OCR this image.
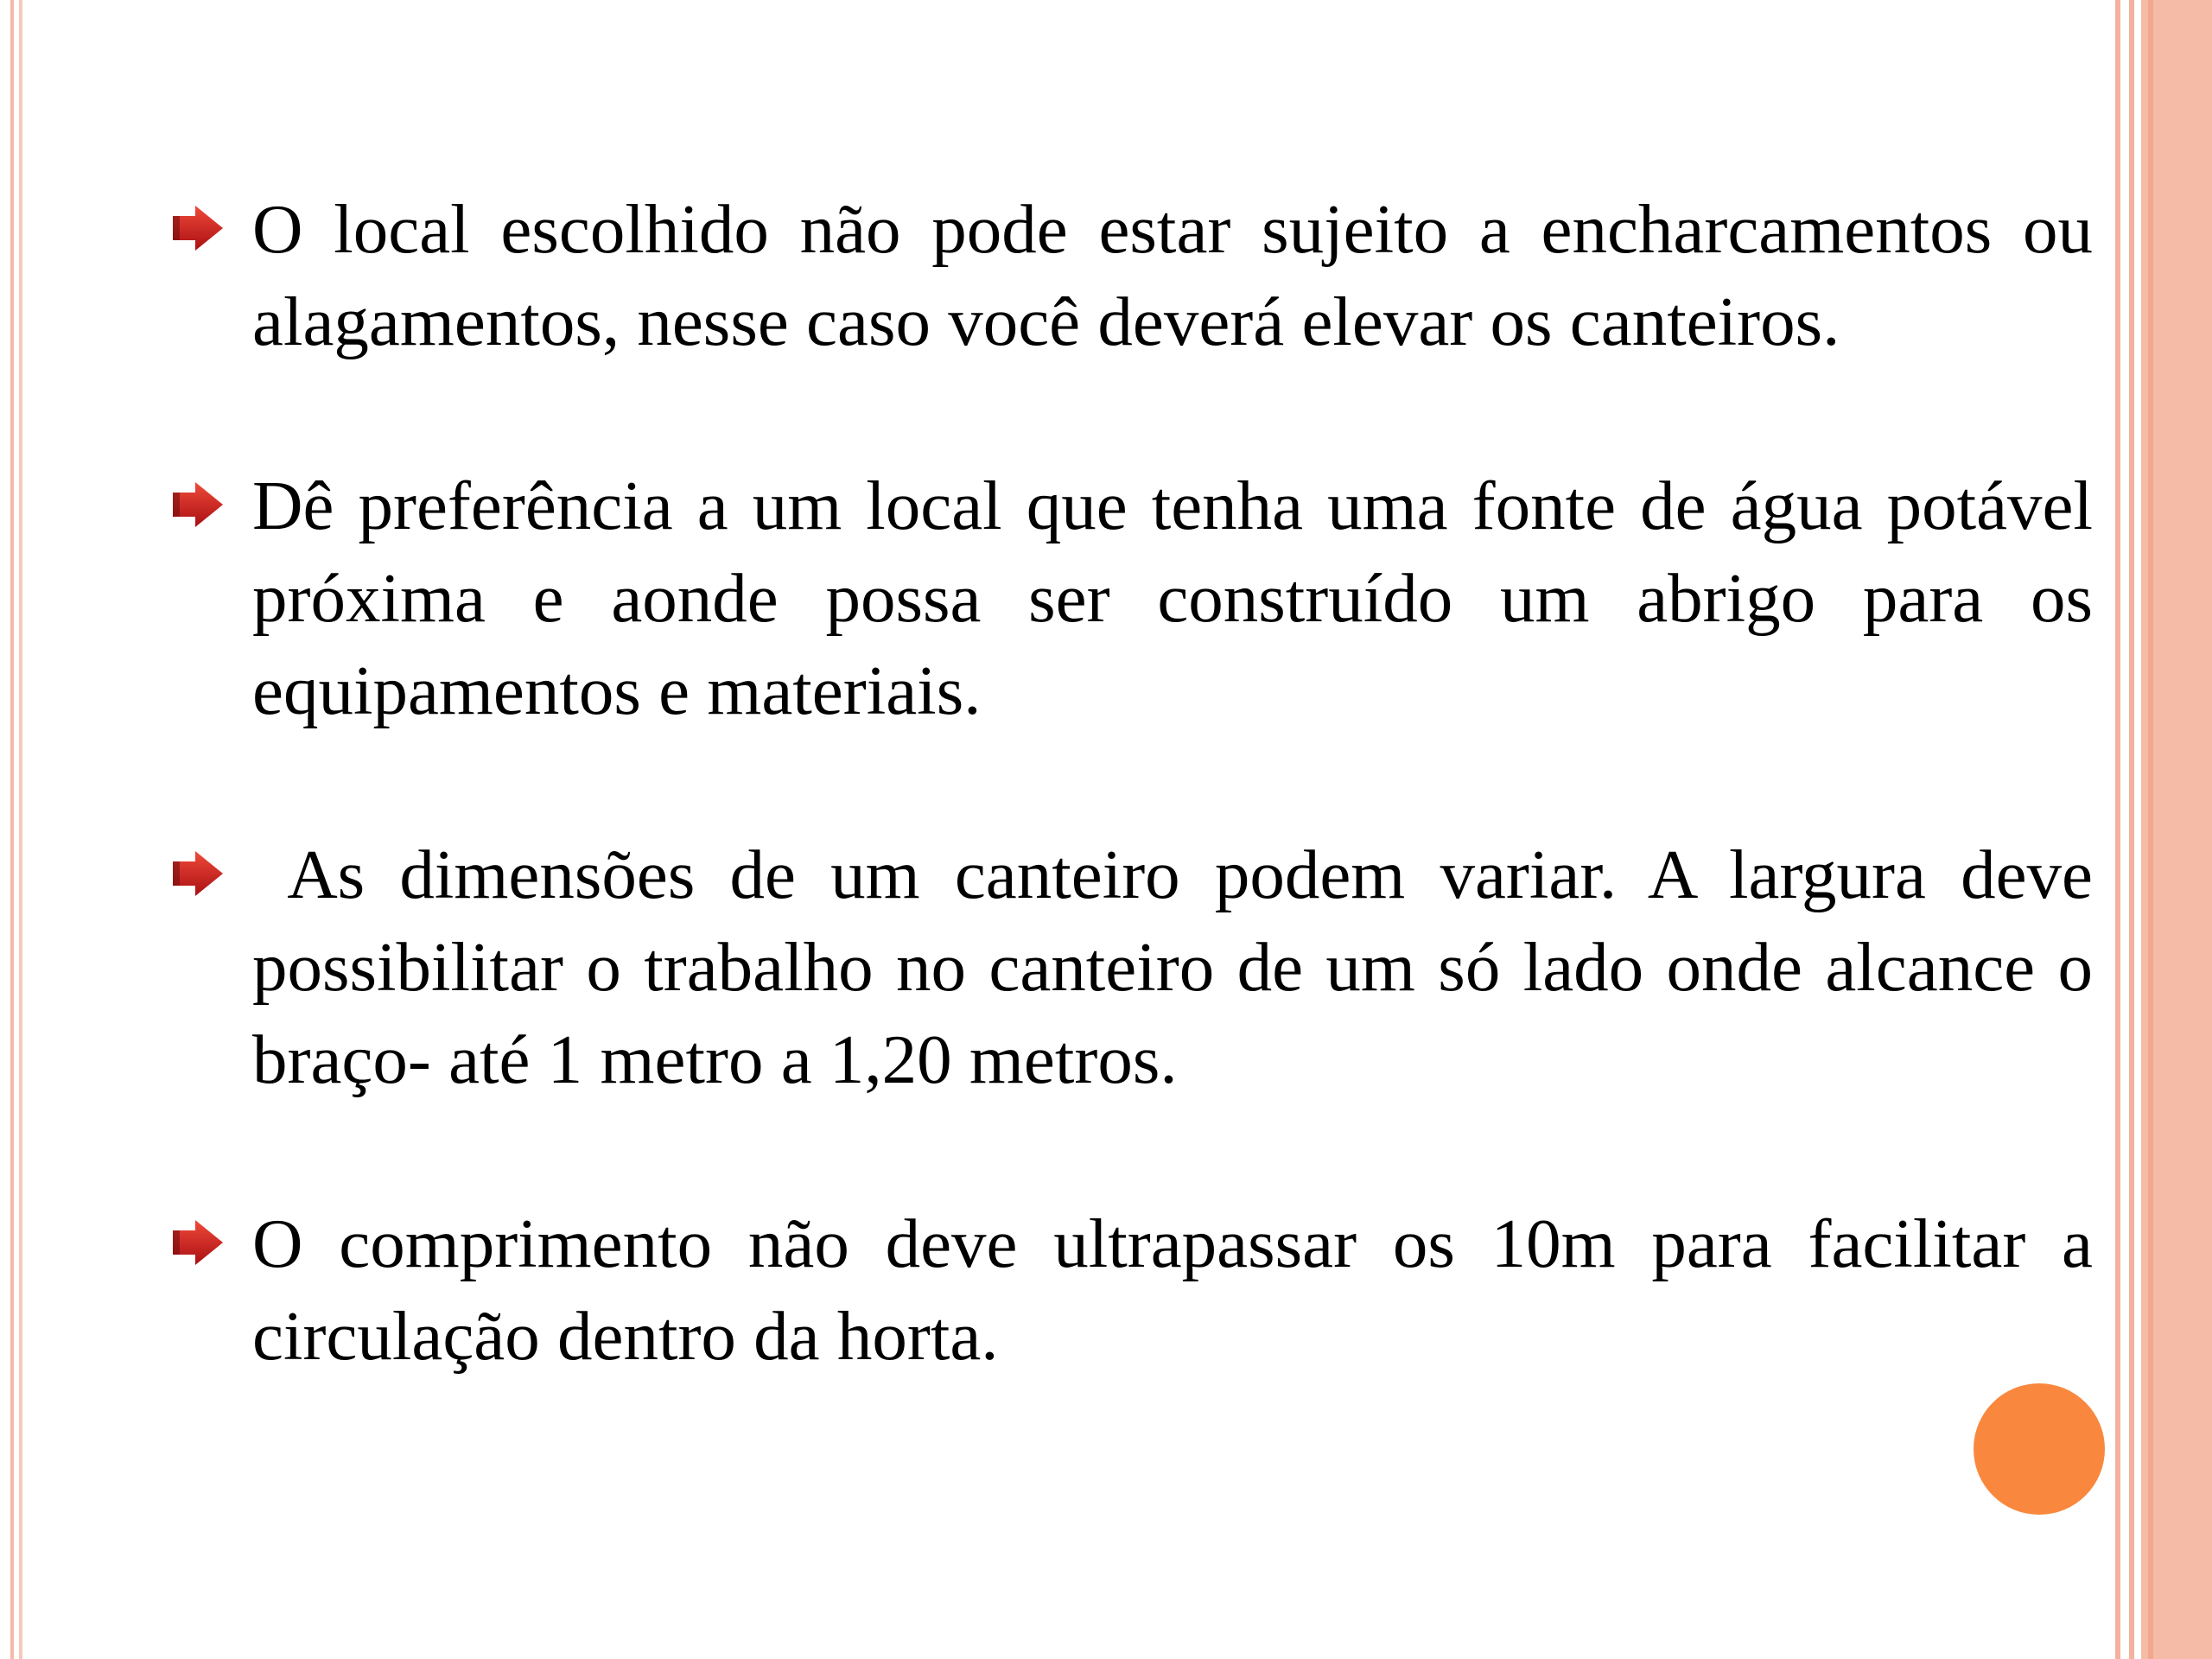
O local escolhido não pode estar sujeito a encharcamentos ou alagamentos, nesse caso você deverá elevar os canteiros.
Dê preferência a um local que tenha uma fonte de água potável próxima e aonde possa ser construído um abrigo para os equipamentos e materiais.
As dimensões de um canteiro podem variar. A largura deve possibilitar o trabalho no canteiro de um só lado onde alcance o braço- até 1 metro a 1,20 metros.
O comprimento não deve ultrapassar os 10m para facilitar a circulação dentro da horta.
